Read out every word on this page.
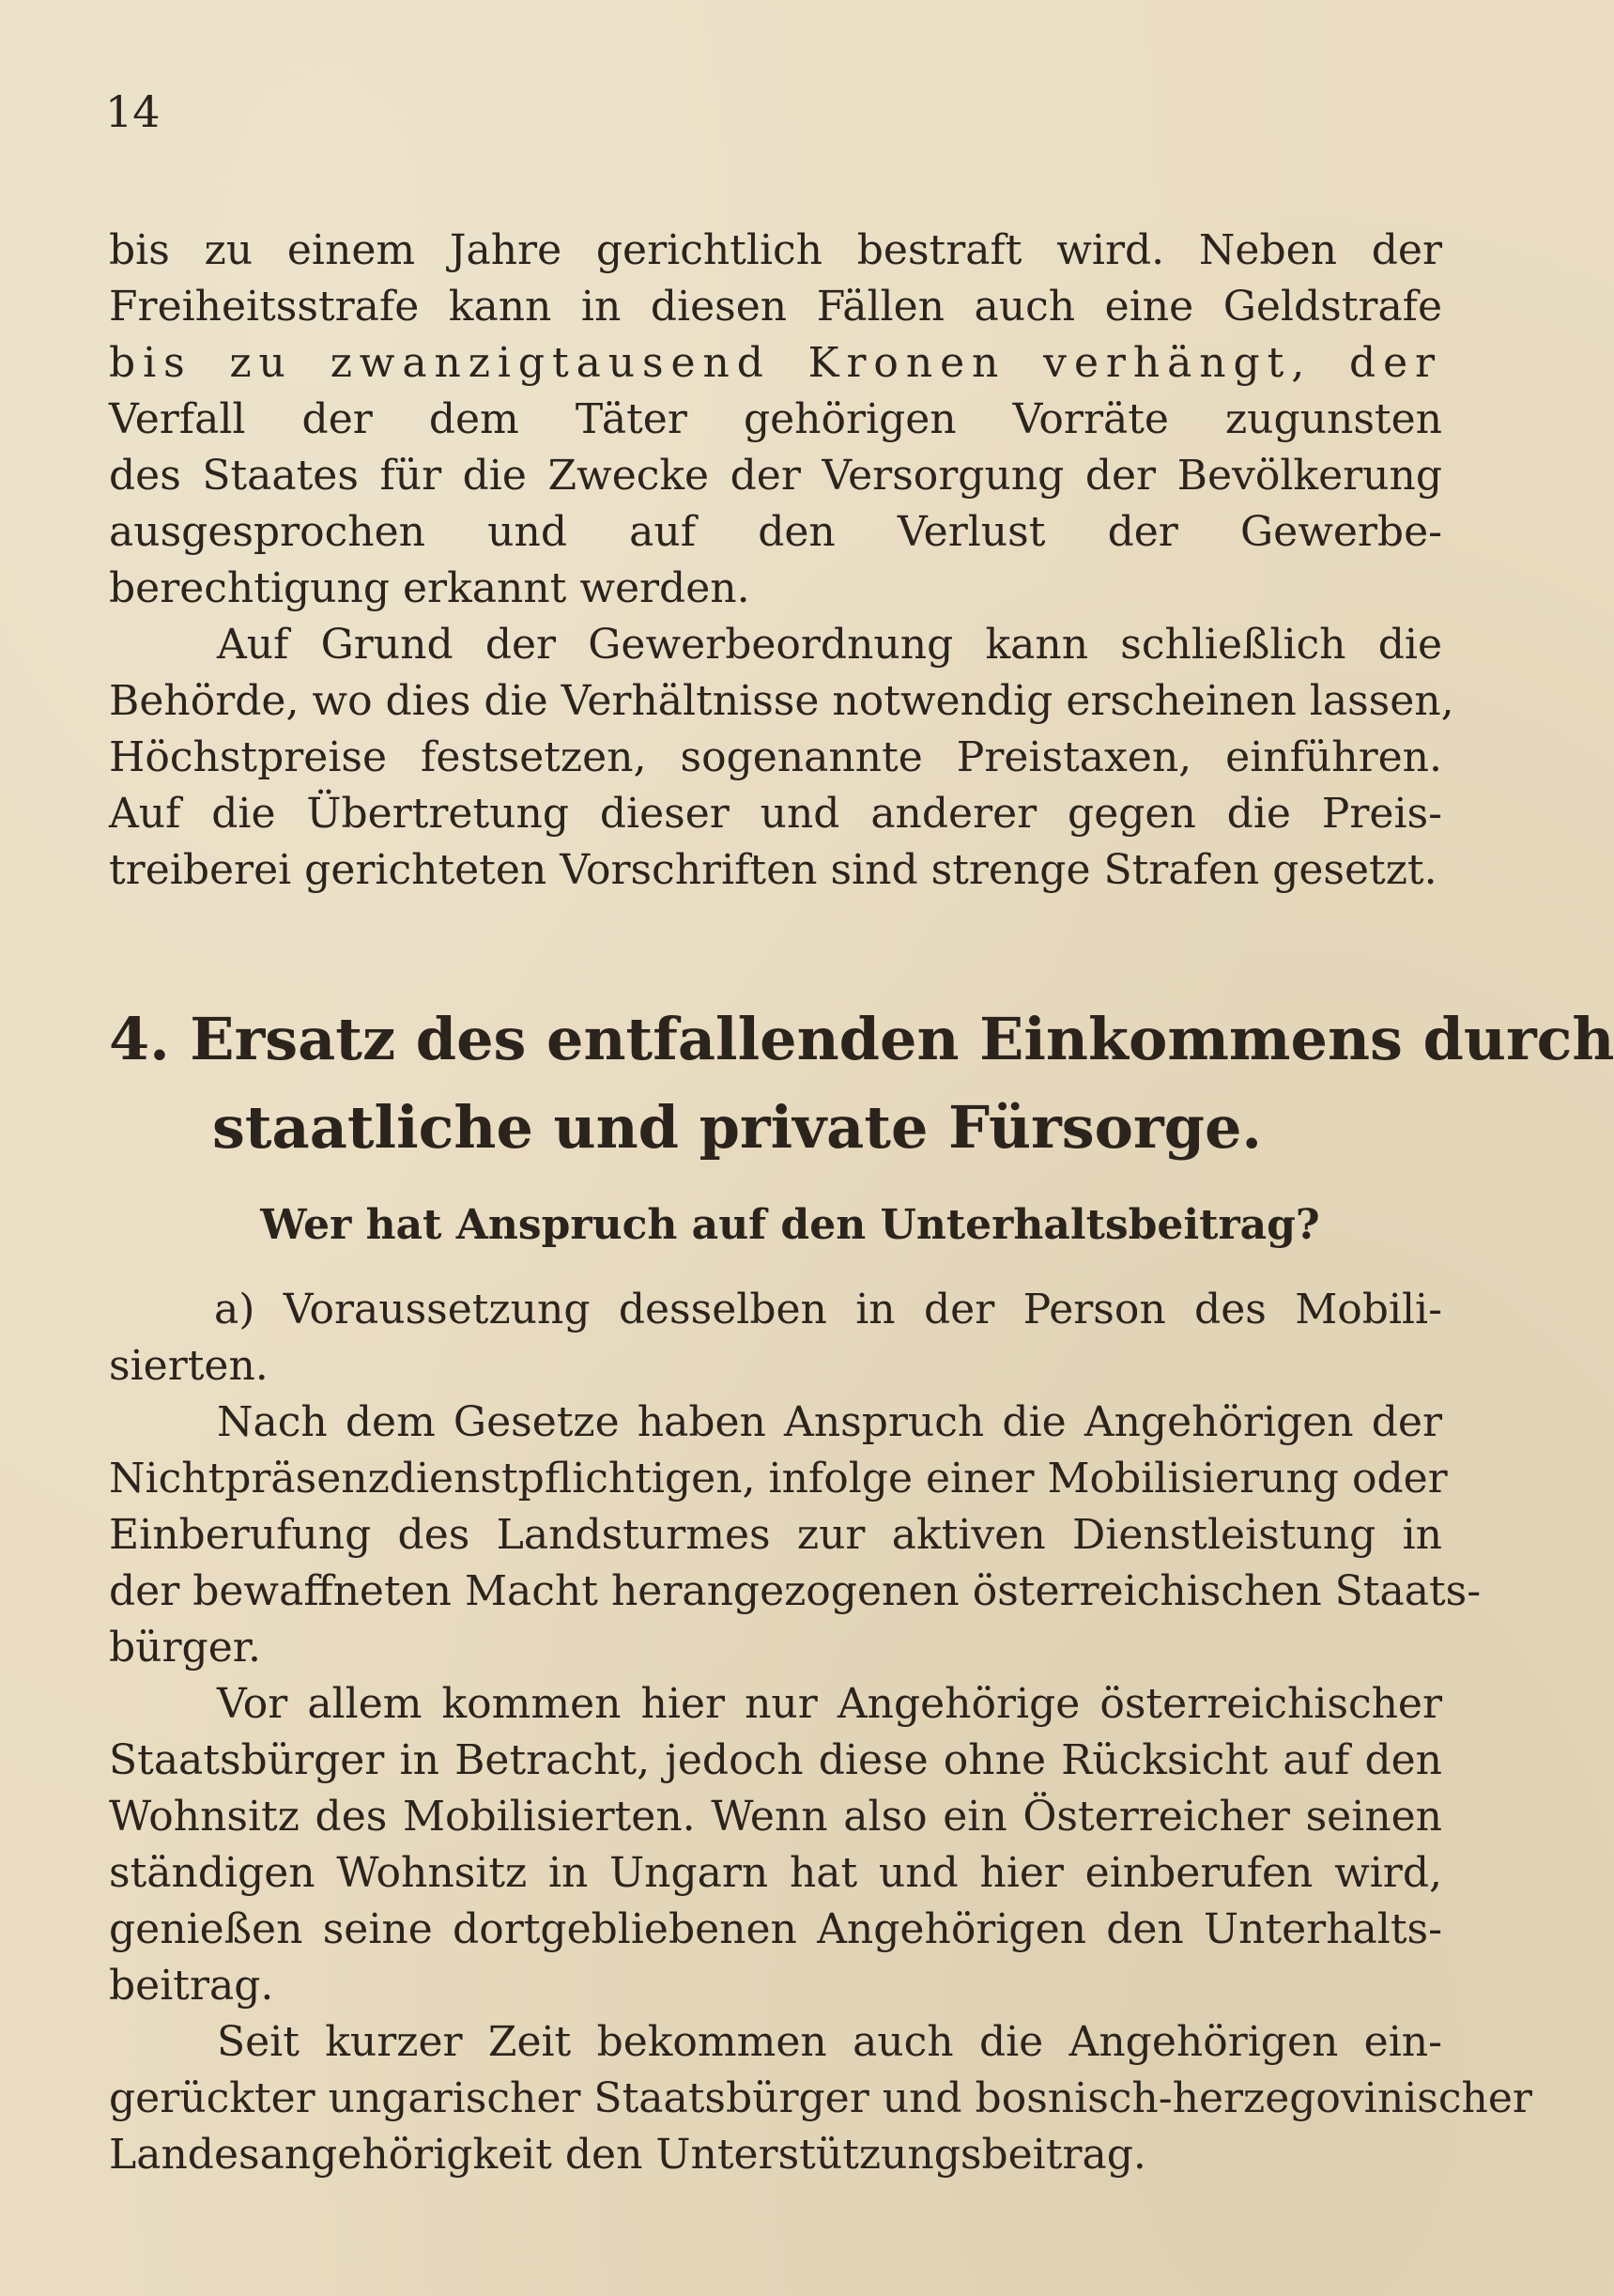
14
bis zu einem Jahre gerichtlich bestraft wird. Neben der
Freiheitsstrafe kann in diesen Fällen auch eine Geldstrafe
bis zu zwanzigtausend Kronen verhängt, der
Verfall der dem Täter gehörigen Vorräte zugunsten
des Staates für die Zwecke der Versorgung der Bevölkerung
ausgesprochen und auf den Verlust der Gewerbe-
berechtigung erkannt werden.
Auf Grund der Gewerbeordnung kann schließlich die
Behörde, wo dies die Verhältnisse notwendig erscheinen lassen,
Höchstpreise festsetzen, sogenannte Preistaxen, einführen.
Auf die Übertretung dieser und anderer gegen die Preis-
treiberei gerichteten Vorschriften sind strenge Strafen gesetzt.
4. Ersatz des entfallenden Einkommens durch
staatliche und private Fürsorge.
Wer hat Anspruch auf den Unterhaltsbeitrag?
a) Voraussetzung desselben in der Person des Mobili-
sierten.
Nach dem Gesetze haben Anspruch die Angehörigen der
Nichtpräsenzdienstpflichtigen, infolge einer Mobilisierung oder
Einberufung des Landsturmes zur aktiven Dienstleistung in
der bewaffneten Macht herangezogenen österreichischen Staats-
bürger.
Vor allem kommen hier nur Angehörige österreichischer
Staatsbürger in Betracht, jedoch diese ohne Rücksicht auf den
Wohnsitz des Mobilisierten. Wenn also ein Österreicher seinen
ständigen Wohnsitz in Ungarn hat und hier einberufen wird,
genießen seine dortgebliebenen Angehörigen den Unterhalts-
beitrag.
Seit kurzer Zeit bekommen auch die Angehörigen ein-
gerückter ungarischer Staatsbürger und bosnisch-herzegovinischer
Landesangehörigkeit den Unterstützungsbeitrag.
